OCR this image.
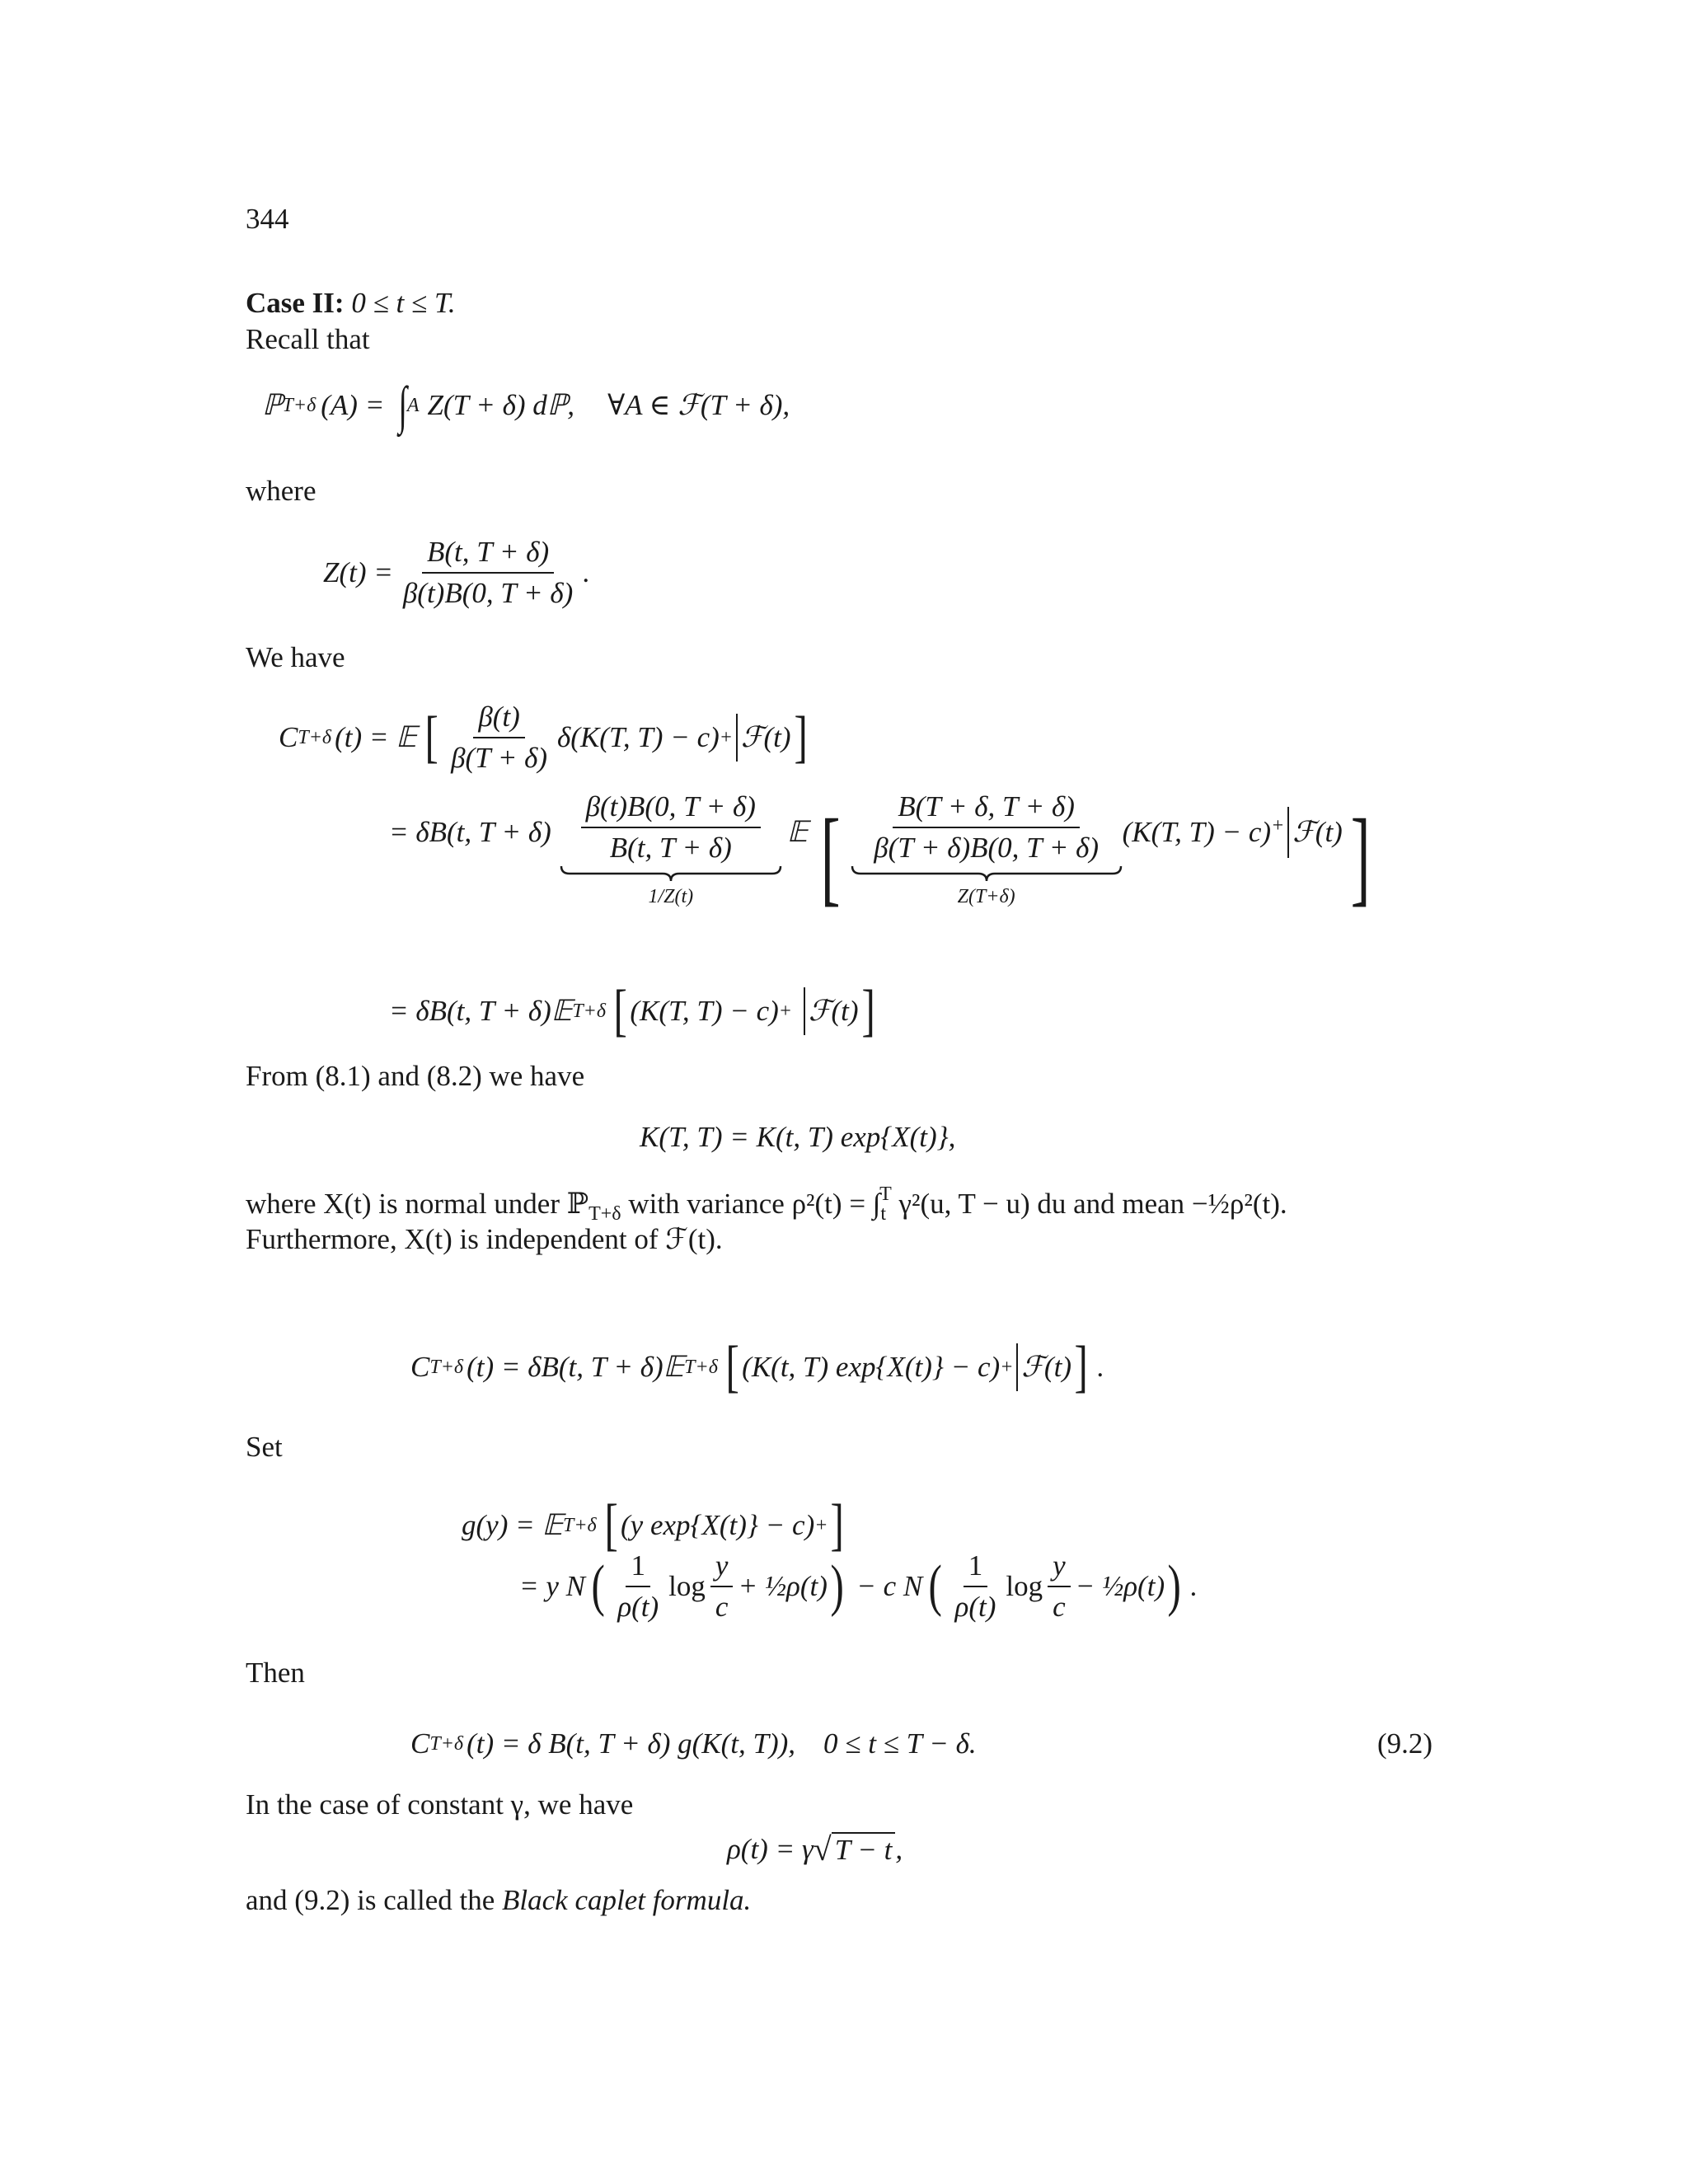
344
Case II: 0 ≤ t ≤ T.
Recall that
ℙ T+δ (A) = ∫ A Z(T + δ) dℙ, ∀A ∈ ℱ(T + δ),
where
$Z(t) = \frac{B(t, T + \delta)}{\beta(t)B(0, T + \delta)}$ .
We have
C T+δ (t) = 𝔼 [ $\frac{\beta(t)}{\beta(T + \delta)} \delta(K(T$, T) − c) + ℱ(t) ]
= δB(t, $T + \delta) \frac{\beta(t)B(0, T + \delta)}{B(t, T + \delta)}$
1/Z(t)
𝔼 [ $\frac{B(T + \delta, T + \delta)}{\beta(T + \delta)B(0, T + \delta)}$
Z(T+δ)
(K(T, T) − c) + ℱ(t) ]
= δB(t, T + δ)𝔼 T+δ [ (K(T, T) − c) + ℱ(t) ]
From (8.1) and (8.2) we have
K(T, T) = K(t, T) exp{X(t)},
where X(t) is normal under ℙ$_{T+\delta}$ with variance $\rho^2(t) = \int_t^T$ γ²(u, T − u) du and mean −½ρ²(t).
Furthermore, X(t) is independent of ℱ(t).
C T+δ (t) = δB(t, T + δ)𝔼 T+δ [ (K(t, T) exp{X(t)} − c) + ℱ(t) ] .
Set
g(y) = 𝔼 T+δ [ (y exp{X(t)} − c) + ]
= y N ( $\frac{1}{\rho(t)}$ $\log \frac{y}{c}$ + ½ρ(t) ) − c N ( $\frac{1}{\rho(t)}$ $\log \frac{y}{c}$ − ½ρ(t) ) .
Then
C T+δ (t) = δ B(t, T + δ) g(K(t, T)), 0 ≤ t ≤ T − δ.	(9.2)
In the case of constant γ, we have
ρ(t) = γ √ T − t ,
and (9.2) is called the Black caplet formula.
